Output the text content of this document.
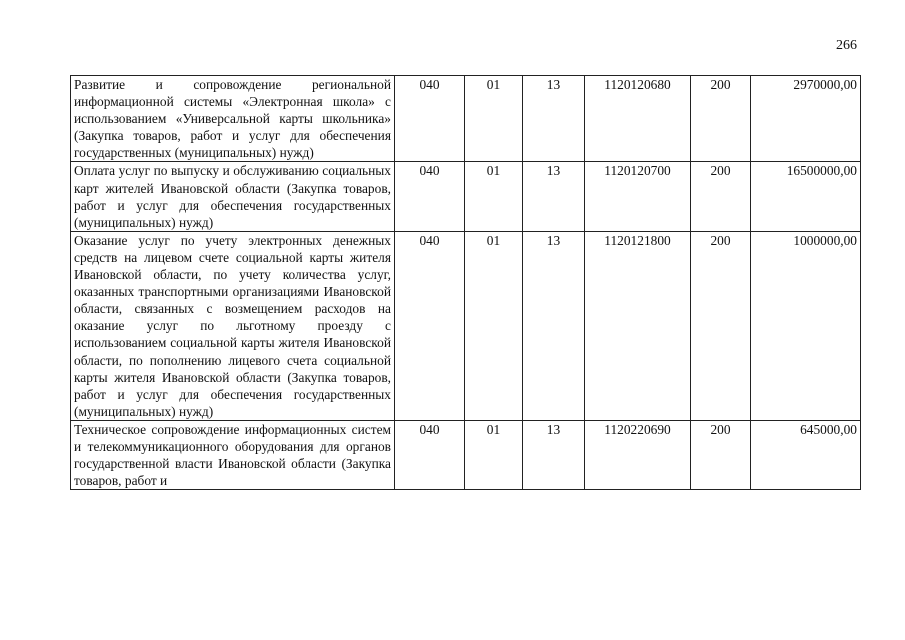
266
Развитие и сопровождение региональной информационной системы «Электронная школа» с использованием «Универсальной карты школьника» (Закупка товаров, работ и услуг для обеспечения государственных (муниципальных) нужд)	040	01	13	1120120680	200	2970000,00
Оплата услуг по выпуску и обслуживанию социальных карт жителей Ивановской области (Закупка товаров, работ и услуг для обеспечения государственных (муниципальных) нужд)	040	01	13	1120120700	200	16500000,00
Оказание услуг по учету электронных денежных средств на лицевом счете социальной карты жителя Ивановской области, по учету количества услуг, оказанных транспортными организациями Ивановской области, связанных с возмещением расходов на оказание услуг по льготному проезду с использованием социальной карты жителя Ивановской области, по пополнению лицевого счета социальной карты жителя Ивановской области (Закупка товаров, работ и услуг для обеспечения государственных (муниципальных) нужд)	040	01	13	1120121800	200	1000000,00
Техническое сопровождение информационных систем и телекоммуникационного оборудования для органов государственной власти Ивановской области (Закупка товаров, работ и	040	01	13	1120220690	200	645000,00
